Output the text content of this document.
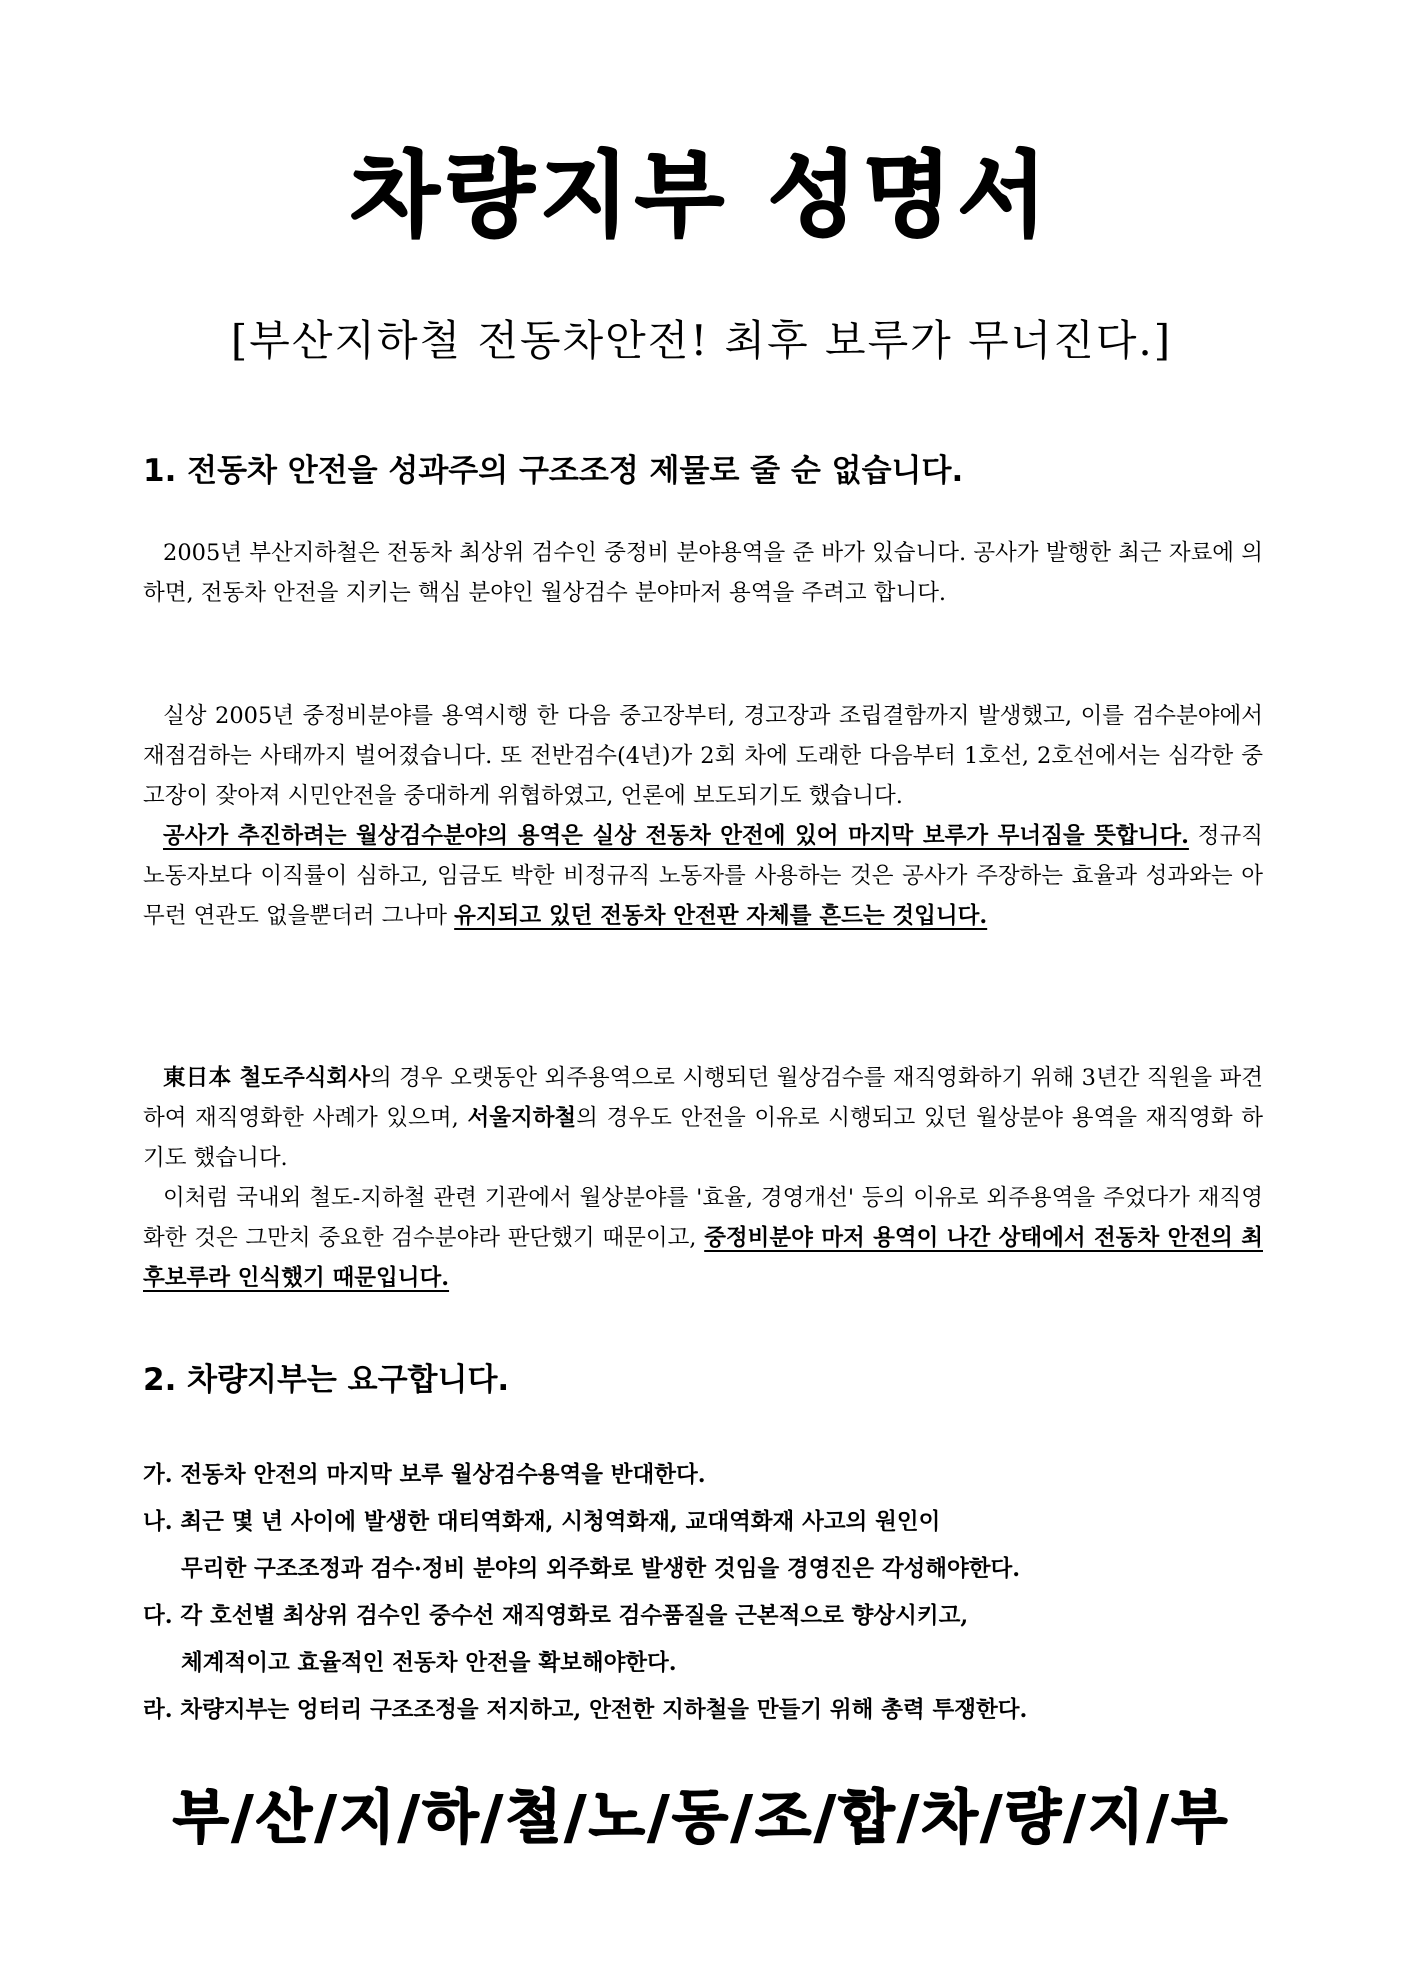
차량지부 성명서
[부산지하철 전동차안전! 최후 보루가 무너진다.]
1. 전동차 안전을 성과주의 구조조정 제물로 줄 순 없습니다.

2005년 부산지하철은 전동차 최상위 검수인 중정비 분야용역을 준 바가 있습니다. 공사가 발행한 최근 자료에 의하면, 전동차 안전을 지키는 핵심 분야인 월상검수 분야마저 용역을 주려고 합니다.

실상 2005년 중정비분야를 용역시행 한 다음 중고장부터, 경고장과 조립결함까지 발생했고, 이를 검수분야에서 재점검하는 사태까지 벌어졌습니다. 또 전반검수(4년)가 2회 차에 도래한 다음부터 1호선, 2호선에서는 심각한 중고장이 잦아져 시민안전을 중대하게 위협하였고, 언론에 보도되기도 했습니다.

공사가 추진하려는 월상검수분야의 용역은 실상 전동차 안전에 있어 마지막 보루가 무너짐을 뜻합니다. 정규직 노동자보다 이직률이 심하고, 임금도 박한 비정규직 노동자를 사용하는 것은 공사가 주장하는 효율과 성과와는 아무런 연관도 없을뿐더러 그나마 유지되고 있던 전동차 안전판 자체를 흔드는 것입니다.

東日本 철도주식회사의 경우 오랫동안 외주용역으로 시행되던 월상검수를 재직영화하기 위해 3년간 직원을 파견하여 재직영화한 사례가 있으며, 서울지하철의 경우도 안전을 이유로 시행되고 있던 월상분야 용역을 재직영화 하기도 했습니다.

이처럼 국내외 철도-지하철 관련 기관에서 월상분야를 '효율, 경영개선' 등의 이유로 외주용역을 주었다가 재직영화한 것은 그만치 중요한 검수분야라 판단했기 때문이고, 중정비분야 마저 용역이 나간 상태에서 전동차 안전의 최후보루라 인식했기 때문입니다.

2. 차량지부는 요구합니다.

가. 전동차 안전의 마지막 보루 월상검수용역을 반대한다.

나. 최근 몇 년 사이에 발생한 대티역화재, 시청역화재, 교대역화재 사고의 원인이
무리한 구조조정과 검수·정비 분야의 외주화로 발생한 것임을 경영진은 각성해야한다.

다. 각 호선별 최상위 검수인 중수선 재직영화로 검수품질을 근본적으로 향상시키고,
체계적이고 효율적인 전동차 안전을 확보해야한다.

라. 차량지부는 엉터리 구조조정을 저지하고, 안전한 지하철을 만들기 위해 총력 투쟁한다.

부/산/지/하/철/노/동/조/합/차/량/지/부
